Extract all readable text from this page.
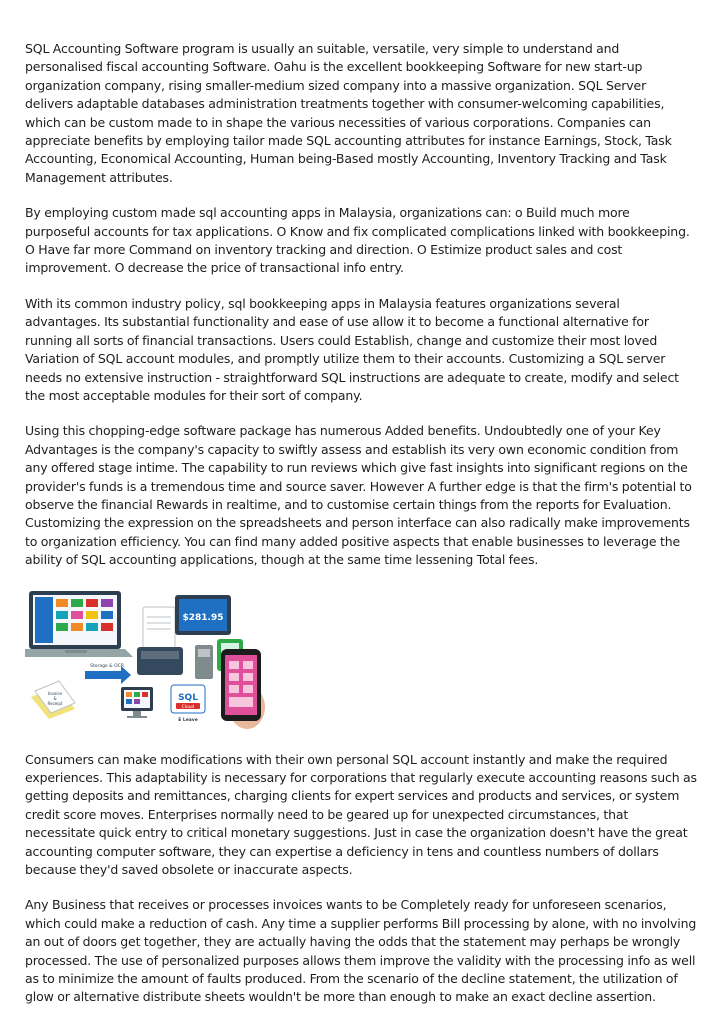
SQL Accounting Software program is usually an suitable, versatile, very simple to understand and personalised fiscal accounting Software. Oahu is the excellent bookkeeping Software for new start-up organization company, rising smaller-medium sized company into a massive organization. SQL Server delivers adaptable databases administration treatments together with consumer-welcoming capabilities, which can be custom made to in shape the various necessities of various corporations. Companies can appreciate benefits by employing tailor made SQL accounting attributes for instance Earnings, Stock, Task Accounting, Economical Accounting, Human being-Based mostly Accounting, Inventory Tracking and Task Management attributes.

By employing custom made sql accounting apps in Malaysia, organizations can: o Build much more purposeful accounts for tax applications. O Know and fix complicated complications linked with bookkeeping. O Have far more Command on inventory tracking and direction. O Estimize product sales and cost improvement. O decrease the price of transactional info entry.

With its common industry policy, sql bookkeeping apps in Malaysia features organizations several advantages. Its substantial functionality and ease of use allow it to become a functional alternative for running all sorts of financial transactions. Users could Establish, change and customize their most loved Variation of SQL account modules, and promptly utilize them to their accounts. Customizing a SQL server needs no extensive instruction - straightforward SQL instructions are adequate to create, modify and select the most acceptable modules for their sort of company.

Using this chopping-edge software package has numerous Added benefits. Undoubtedly one of your Key Advantages is the company's capacity to swiftly assess and establish its very own economic condition from any offered stage intime. The capability to run reviews which give fast insights into significant regions on the provider's funds is a tremendous time and source saver. However A further edge is that the firm's potential to observe the financial Rewards in realtime, and to customise certain things from the reports for Evaluation. Customizing the expression on the spreadsheets and person interface can also radically make improvements to organization efficiency. You can find many added positive aspects that enable businesses to leverage the ability of SQL accounting applications, though at the same time lessening Total fees.

$281.95
Storage & OCR
Invoice
&
Receipt
SQL
Cloud
E Leave

Consumers can make modifications with their own personal SQL account instantly and make the required experiences. This adaptability is necessary for corporations that regularly execute accounting reasons such as getting deposits and remittances, charging clients for expert services and products and services, or system credit score moves. Enterprises normally need to be geared up for unexpected circumstances, that necessitate quick entry to critical monetary suggestions. Just in case the organization doesn't have the great accounting computer software, they can expertise a deficiency in tens and countless numbers of dollars because they'd saved obsolete or inaccurate aspects.

Any Business that receives or processes invoices wants to be Completely ready for unforeseen scenarios, which could make a reduction of cash. Any time a supplier performs Bill processing by alone, with no involving an out of doors get together, they are actually having the odds that the statement may perhaps be wrongly processed. The use of personalized purposes allows them improve the validity with the processing info as well as to minimize the amount of faults produced. From the scenario of the decline statement, the utilization of glow or alternative distribute sheets wouldn't be more than enough to make an exact decline assertion.
